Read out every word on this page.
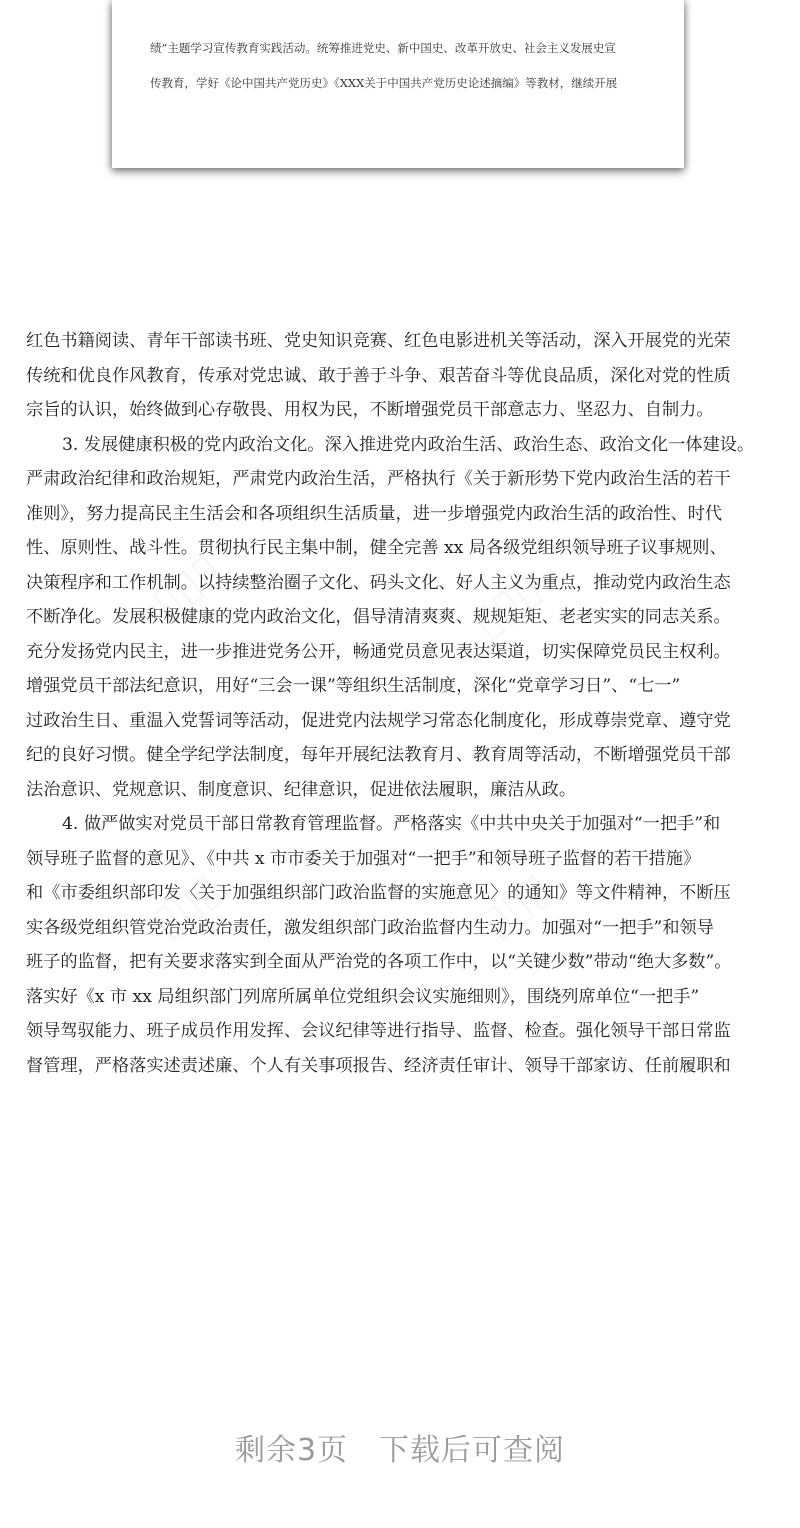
绩”主题学习宣传教育实践活动。统筹推进党史、新中国史、改革开放史、社会主义发展史宣
传教育，学好《论中国共产党历史》《XXX关于中国共产党历史论述摘编》等教材，继续开展
▯▯▯	▯▯▯
▯▯▯	▯▯▯
红色书籍阅读、青年干部读书班、党史知识竞赛、红色电影进机关等活动，深入开展党的光荣
传统和优良作风教育，传承对党忠诚、敢于善于斗争、艰苦奋斗等优良品质，深化对党的性质
宗旨的认识，始终做到心存敬畏、用权为民，不断增强党员干部意志力、坚忍力、自制力。
3. 发展健康积极的党内政治文化。深入推进党内政治生活、政治生态、政治文化一体建设。
严肃政治纪律和政治规矩，严肃党内政治生活，严格执行《关于新形势下党内政治生活的若干
准则》，努力提高民主生活会和各项组织生活质量，进一步增强党内政治生活的政治性、时代
性、原则性、战斗性。贯彻执行民主集中制，健全完善 xx 局各级党组织领导班子议事规则、
决策程序和工作机制。以持续整治圈子文化、码头文化、好人主义为重点，推动党内政治生态
不断净化。发展积极健康的党内政治文化，倡导清清爽爽、规规矩矩、老老实实的同志关系。
充分发扬党内民主，进一步推进党务公开，畅通党员意见表达渠道，切实保障党员民主权利。
增强党员干部法纪意识，用好“三会一课”等组织生活制度，深化“党章学习日”、“七一”
过政治生日、重温入党誓词等活动，促进党内法规学习常态化制度化，形成尊崇党章、遵守党
纪的良好习惯。健全学纪学法制度，每年开展纪法教育月、教育周等活动，不断增强党员干部
法治意识、党规意识、制度意识、纪律意识，促进依法履职，廉洁从政。
4. 做严做实对党员干部日常教育管理监督。严格落实《中共中央关于加强对“一把手”和
领导班子监督的意见》、《中共 x 市市委关于加强对“一把手”和领导班子监督的若干措施》
和《市委组织部印发〈关于加强组织部门政治监督的实施意见〉的通知》等文件精神，不断压
实各级党组织管党治党政治责任，激发组织部门政治监督内生动力。加强对“一把手”和领导
班子的监督，把有关要求落实到全面从严治党的各项工作中，以“关键少数”带动“绝大多数”。
落实好《x 市 xx 局组织部门列席所属单位党组织会议实施细则》，围绕列席单位“一把手”
领导驾驭能力、班子成员作用发挥、会议纪律等进行指导、监督、检查。强化领导干部日常监
督管理，严格落实述责述廉、个人有关事项报告、经济责任审计、领导干部家访、任前履职和
剩余3页　下载后可查阅
